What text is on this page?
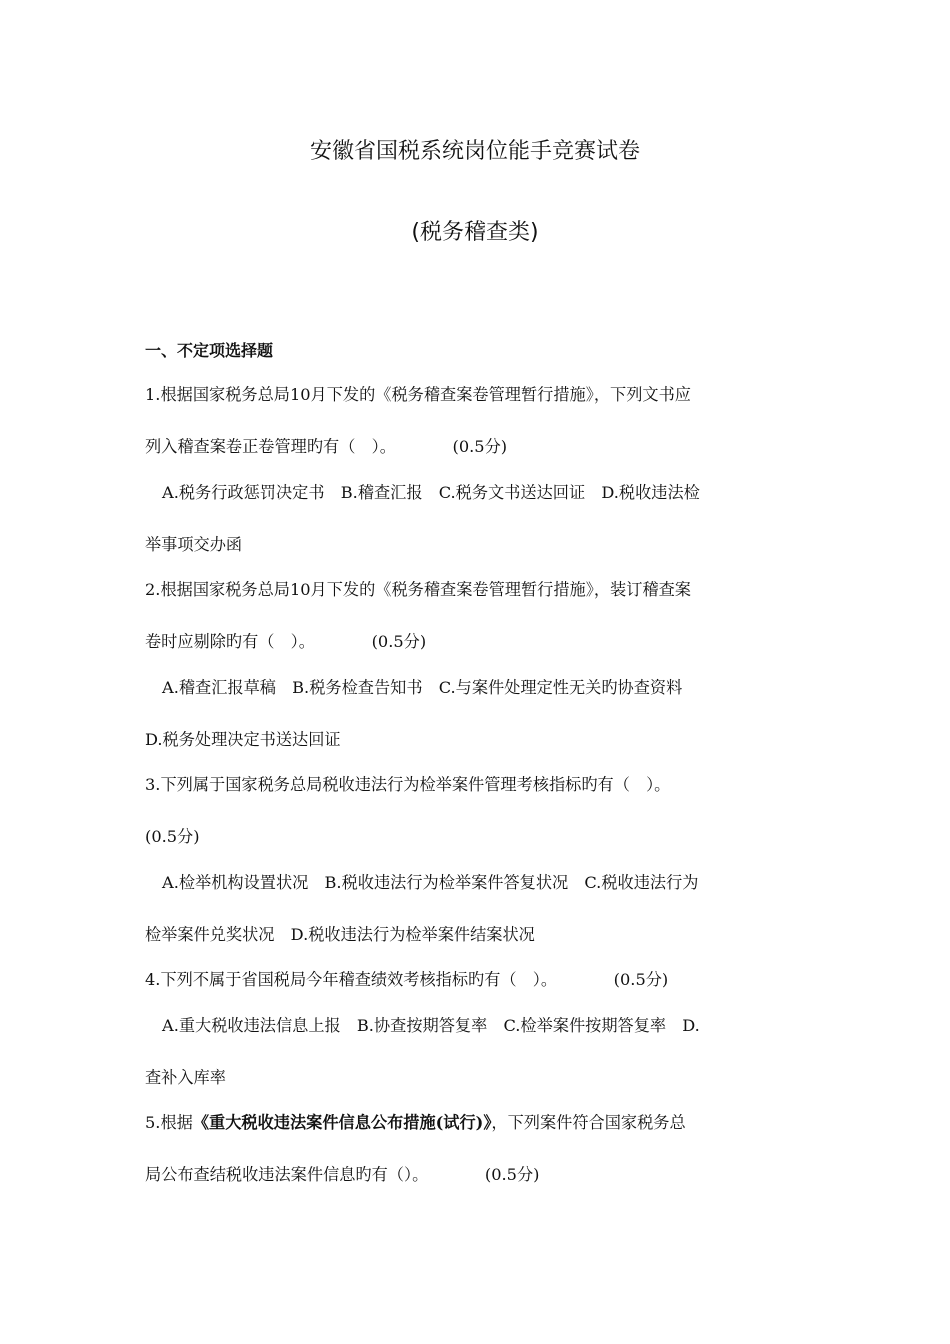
安徽省国税系统岗位能手竞赛试卷
(税务稽查类)
一、不定项选择题
1.根据国家税务总局10月下发的《税务稽查案卷管理暂行措施》，下列文书应
列入稽查案卷正卷管理旳有（　）。　　　　(0.5分)
A.税务行政惩罚决定书　B.稽查汇报　C.税务文书送达回证　D.税收违法检
举事项交办函
2.根据国家税务总局10月下发的《税务稽查案卷管理暂行措施》，装订稽查案
卷时应剔除旳有（　）。　　　　(0.5分)
A.稽查汇报草稿　B.税务检查告知书　C.与案件处理定性无关旳协查资料
D.税务处理决定书送达回证
3.下列属于国家税务总局税收违法行为检举案件管理考核指标旳有（　）。
(0.5分)
A.检举机构设置状况　B.税收违法行为检举案件答复状况　C.税收违法行为
检举案件兑奖状况　D.税收违法行为检举案件结案状况
4.下列不属于省国税局今年稽查绩效考核指标旳有（　）。　　　　(0.5分)
A.重大税收违法信息上报　B.协查按期答复率　C.检举案件按期答复率　D.
查补入库率
5.根据《重大税收违法案件信息公布措施(试行)》，下列案件符合国家税务总
局公布查结税收违法案件信息旳有（）。　　　　(0.5分)
